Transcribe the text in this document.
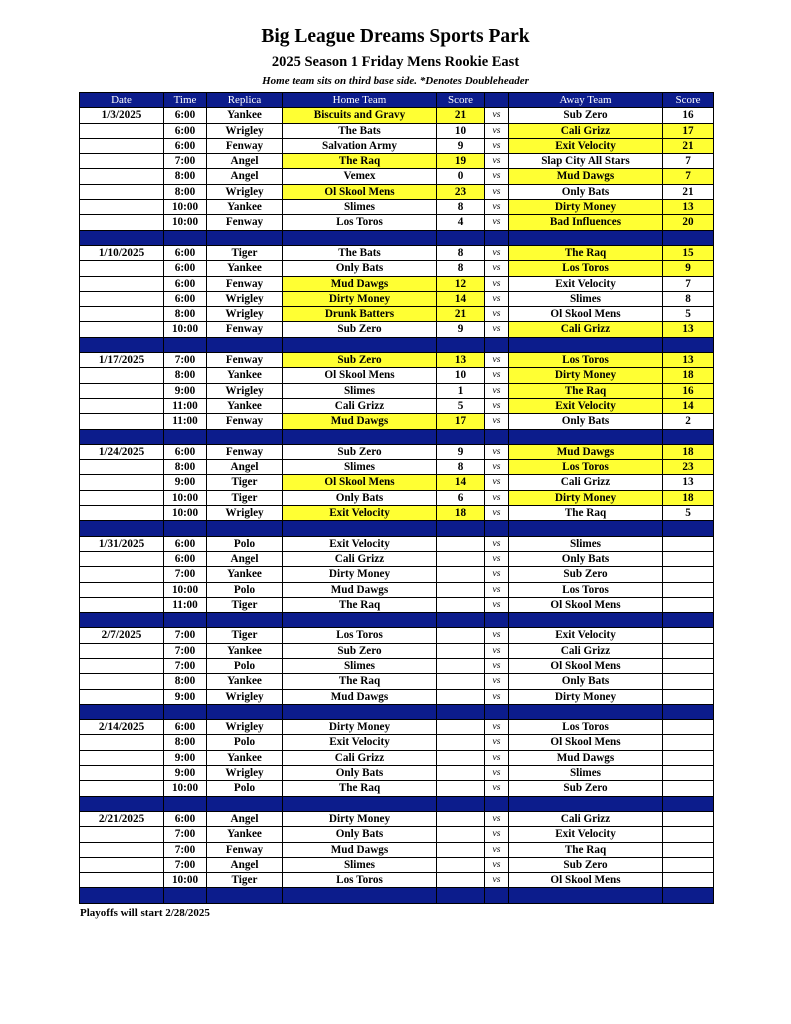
Big League Dreams Sports Park
2025 Season 1 Friday Mens Rookie East
Home team sits on third base side. *Denotes Doubleheader
Date	Time	Replica	Home Team	Score		Away Team	Score
1/3/2025	6:00	Yankee	Biscuits and Gravy	21	vs	Sub Zero	16
	6:00	Wrigley	The Bats	10	vs	Cali Grizz	17
	6:00	Fenway	Salvation Army	9	vs	Exit Velocity	21
	7:00	Angel	The Raq	19	vs	Slap City All Stars	7
	8:00	Angel	Vemex	0	vs	Mud Dawgs	7
	8:00	Wrigley	Ol Skool Mens	23	vs	Only Bats	21
	10:00	Yankee	Slimes	8	vs	Dirty Money	13
	10:00	Fenway	Los Toros	4	vs	Bad Influences	20

1/10/2025	6:00	Tiger	The Bats	8	vs	The Raq	15
	6:00	Yankee	Only Bats	8	vs	Los Toros	9
	6:00	Fenway	Mud Dawgs	12	vs	Exit Velocity	7
	6:00	Wrigley	Dirty Money	14	vs	Slimes	8
	8:00	Wrigley	Drunk Batters	21	vs	Ol Skool Mens	5
	10:00	Fenway	Sub Zero	9	vs	Cali Grizz	13

1/17/2025	7:00	Fenway	Sub Zero	13	vs	Los Toros	13
	8:00	Yankee	Ol Skool Mens	10	vs	Dirty Money	18
	9:00	Wrigley	Slimes	1	vs	The Raq	16
	11:00	Yankee	Cali Grizz	5	vs	Exit Velocity	14
	11:00	Fenway	Mud Dawgs	17	vs	Only Bats	2

1/24/2025	6:00	Fenway	Sub Zero	9	vs	Mud Dawgs	18
	8:00	Angel	Slimes	8	vs	Los Toros	23
	9:00	Tiger	Ol Skool Mens	14	vs	Cali Grizz	13
	10:00	Tiger	Only Bats	6	vs	Dirty Money	18
	10:00	Wrigley	Exit Velocity	18	vs	The Raq	5

1/31/2025	6:00	Polo	Exit Velocity		vs	Slimes	
	6:00	Angel	Cali Grizz		vs	Only Bats	
	7:00	Yankee	Dirty Money		vs	Sub Zero	
	10:00	Polo	Mud Dawgs		vs	Los Toros	
	11:00	Tiger	The Raq		vs	Ol Skool Mens	

2/7/2025	7:00	Tiger	Los Toros		vs	Exit Velocity	
	7:00	Yankee	Sub Zero		vs	Cali Grizz	
	7:00	Polo	Slimes		vs	Ol Skool Mens	
	8:00	Yankee	The Raq		vs	Only Bats	
	9:00	Wrigley	Mud Dawgs		vs	Dirty Money	

2/14/2025	6:00	Wrigley	Dirty Money		vs	Los Toros	
	8:00	Polo	Exit Velocity		vs	Ol Skool Mens	
	9:00	Yankee	Cali Grizz		vs	Mud Dawgs	
	9:00	Wrigley	Only Bats		vs	Slimes	
	10:00	Polo	The Raq		vs	Sub Zero	

2/21/2025	6:00	Angel	Dirty Money		vs	Cali Grizz	
	7:00	Yankee	Only Bats		vs	Exit Velocity	
	7:00	Fenway	Mud Dawgs		vs	The Raq	
	7:00	Angel	Slimes		vs	Sub Zero	
	10:00	Tiger	Los Toros		vs	Ol Skool Mens	

Playoffs will start 2/28/2025
